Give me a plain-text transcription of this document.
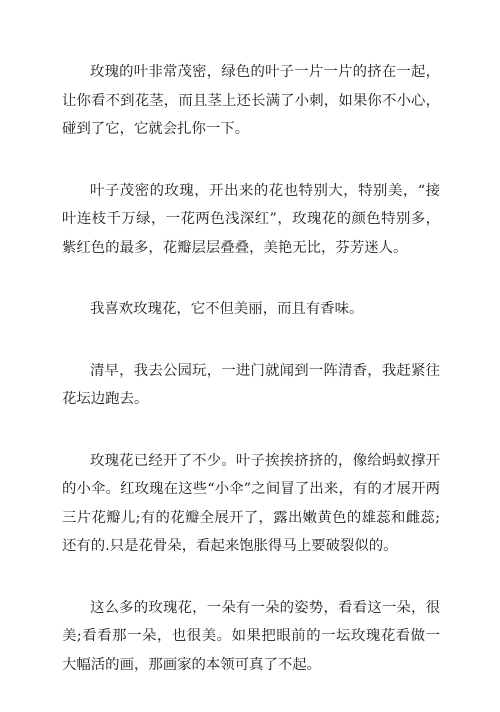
玫瑰的叶非常茂密，绿色的叶子一片一片的挤在一起，让你看不到花茎，而且茎上还长满了小刺，如果你不小心，碰到了它，它就会扎你一下。

叶子茂密的玫瑰，开出来的花也特别大，特别美，“接叶连枝千万绿，一花两色浅深红”，玫瑰花的颜色特别多，紫红色的最多，花瓣层层叠叠，美艳无比，芬芳迷人。

我喜欢玫瑰花，它不但美丽，而且有香味。

清早，我去公园玩，一进门就闻到一阵清香，我赶紧往花坛边跑去。

玫瑰花已经开了不少。叶子挨挨挤挤的，像给蚂蚁撑开的小伞。红玫瑰在这些“小伞”之间冒了出来，有的才展开两三片花瓣儿;有的花瓣全展开了，露出嫩黄色的雄蕊和雌蕊;还有的.只是花骨朵，看起来饱胀得马上要破裂似的。

这么多的玫瑰花，一朵有一朵的姿势，看看这一朵，很美;看看那一朵，也很美。如果把眼前的一坛玫瑰花看做一大幅活的画，那画家的本领可真了不起。
